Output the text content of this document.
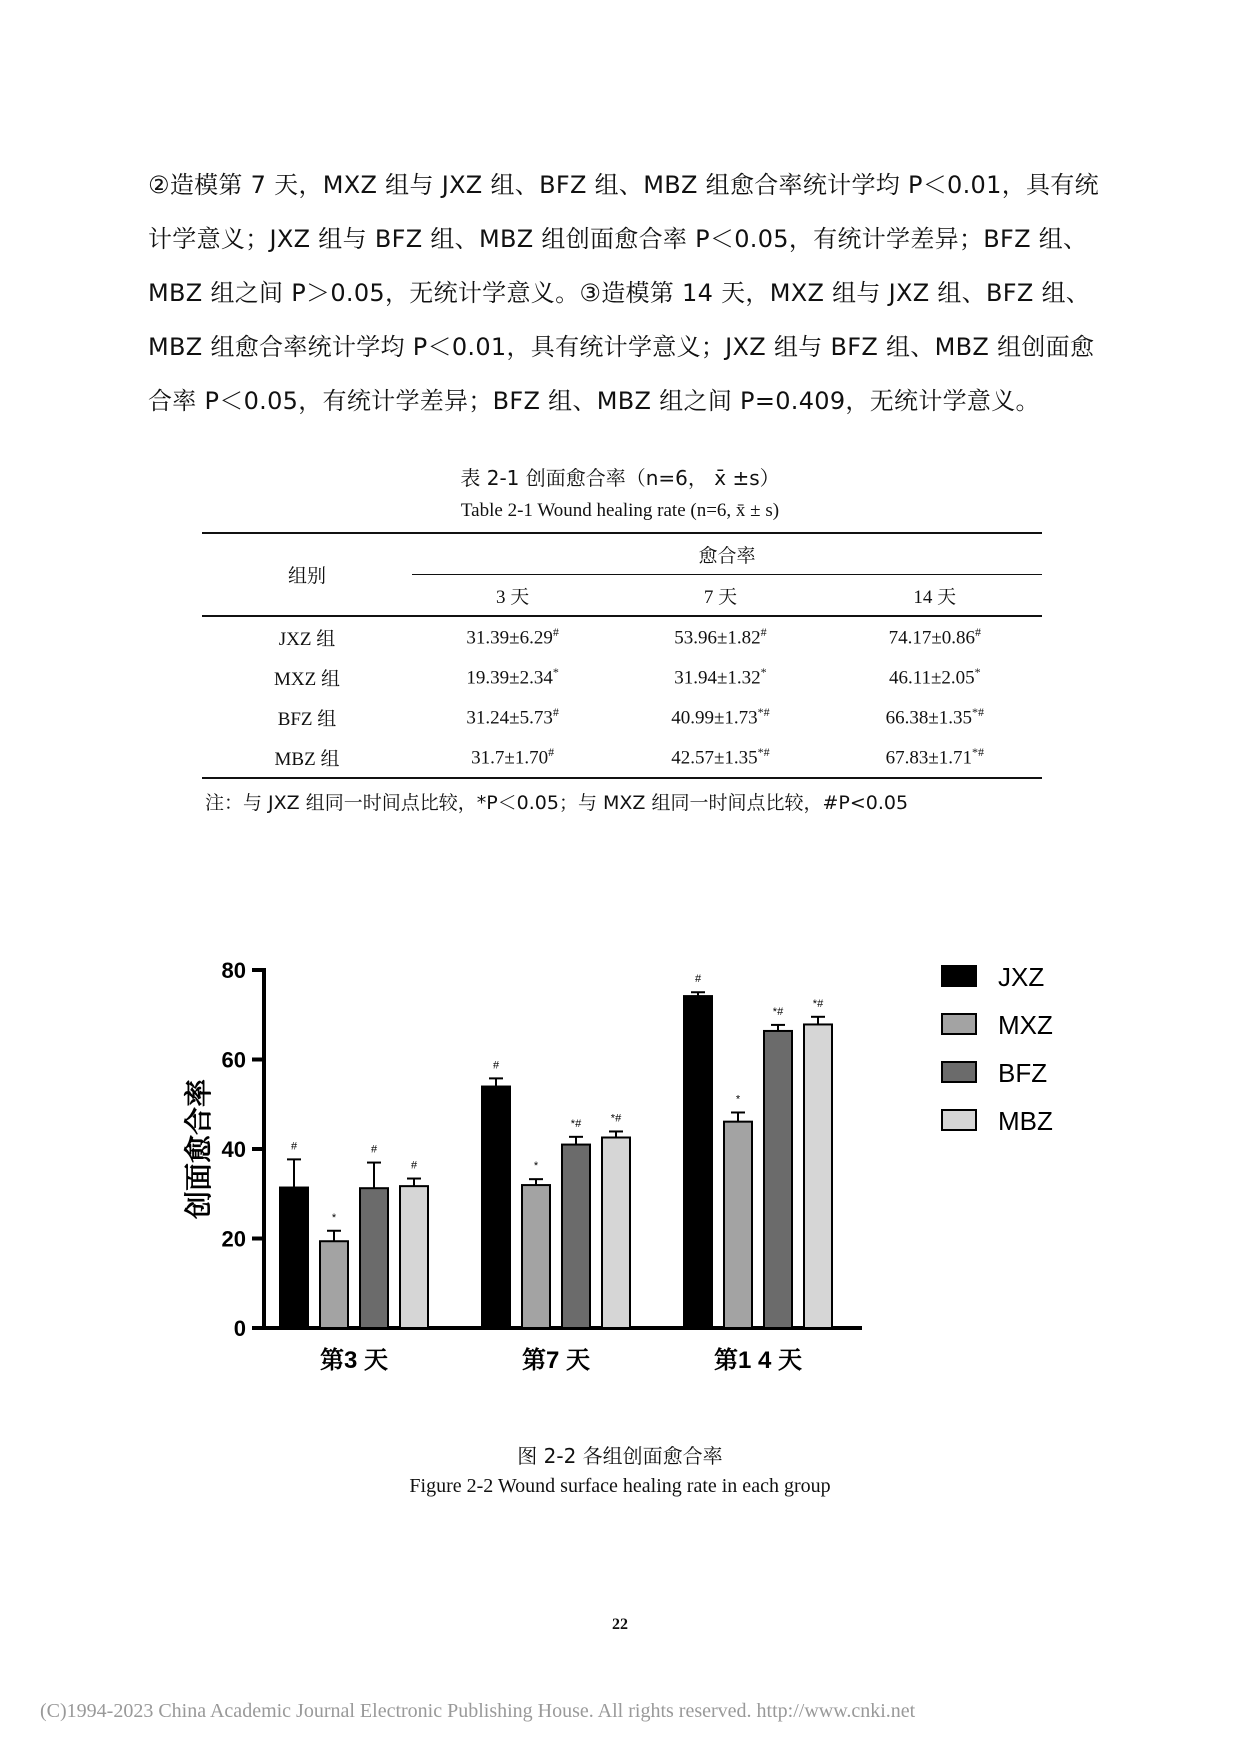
②造模第 7 天，MXZ 组与 JXZ 组、BFZ 组、MBZ 组愈合率统计学均 P＜0.01，具有统
计学意义；JXZ 组与 BFZ 组、MBZ 组创面愈合率 P＜0.05，有统计学差异；BFZ 组、
MBZ 组之间 P＞0.05，无统计学意义。③造模第 14 天，MXZ 组与 JXZ 组、BFZ 组、
MBZ 组愈合率统计学均 P＜0.01，具有统计学意义；JXZ 组与 BFZ 组、MBZ 组创面愈
合率 P＜0.05，有统计学差异；BFZ 组、MBZ 组之间 P=0.409，无统计学意义。
表 2-1 创面愈合率（n=6， x̄ ±s）
Table 2-1 Wound healing rate (n=6, x̄ ± s)
组别	愈合率		
	3 天	7 天	14 天
JXZ 组	31.39±6.29#	53.96±1.82#	74.17±0.86#
MXZ 组	19.39±2.34*	31.94±1.32*	46.11±2.05*
BFZ 组	31.24±5.73#	40.99±1.73*#	66.38±1.35*#
MBZ 组	31.7±1.70#	42.57±1.35*#	67.83±1.71*#
注：与 JXZ 组同一时间点比较，*P＜0.05；与 MXZ 组同一时间点比较，#P<0.05
0
20
40
60
80
创面愈合率	#
*
#
#
第3 天
#
*
*#	*#
第7 天
#
*
*#
*#
第1 4 天
JXZ
MXZ
BFZ
MBZ
图 2-2 各组创面愈合率
Figure 2-2 Wound surface healing rate in each group
22
(C)1994-2023 China Academic Journal Electronic Publishing House. All rights reserved. http://www.cnki.net
